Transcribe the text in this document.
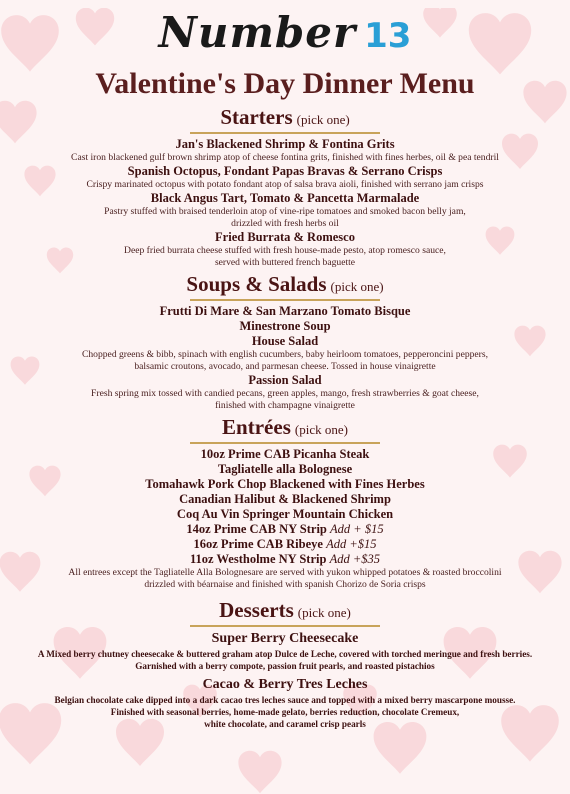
Number 13
Valentine's Day Dinner Menu
Starters (pick one)
Jan's Blackened Shrimp & Fontina Grits
Cast iron blackened gulf brown shrimp atop of cheese fontina grits, finished with fines herbes, oil & pea tendril
Spanish Octopus, Fondant Papas Bravas & Serrano Crisps
Crispy marinated octopus with potato fondant atop of salsa brava aioli, finished with serrano jam crisps
Black Angus Tart, Tomato & Pancetta Marmalade
Pastry stuffed with braised tenderloin atop of vine-ripe tomatoes and smoked bacon belly jam,
drizzled with fresh herbs oil
Fried Burrata & Romesco
Deep fried burrata cheese stuffed with fresh house-made pesto, atop romesco sauce,
served with buttered french baguette
Soups & Salads (pick one)
Frutti Di Mare & San Marzano Tomato Bisque
Minestrone Soup
House Salad
Chopped greens & bibb, spinach with english cucumbers, baby heirloom tomatoes, pepperoncini peppers,
balsamic croutons, avocado, and parmesan cheese. Tossed in house vinaigrette
Passion Salad
Fresh spring mix tossed with candied pecans, green apples, mango, fresh strawberries & goat cheese,
finished with champagne vinaigrette
Entrées (pick one)
10oz Prime CAB Picanha Steak
Tagliatelle alla Bolognese
Tomahawk Pork Chop Blackened with Fines Herbes
Canadian Halibut & Blackened Shrimp
Coq Au Vin Springer Mountain Chicken
14oz Prime CAB NY Strip Add + $15
16oz Prime CAB Ribeye Add +$15
11oz Westholme NY Strip Add +$35
All entrees except the Tagliatelle Alla Bolognesare are served with yukon whipped potatoes & roasted broccolini
drizzled with béarnaise and finished with spanish Chorizo de Soria crisps
Desserts (pick one)
Super Berry Cheesecake
A Mixed berry chutney cheesecake & buttered graham atop Dulce de Leche, covered with torched meringue and fresh berries.
Garnished with a berry compote, passion fruit pearls, and roasted pistachios
Cacao & Berry Tres Leches
Belgian chocolate cake dipped into a dark cacao tres leches sauce and topped with a mixed berry mascarpone mousse.
Finished with seasonal berries, home-made gelato, berries reduction, chocolate Cremeux,
white chocolate, and caramel crisp pearls
